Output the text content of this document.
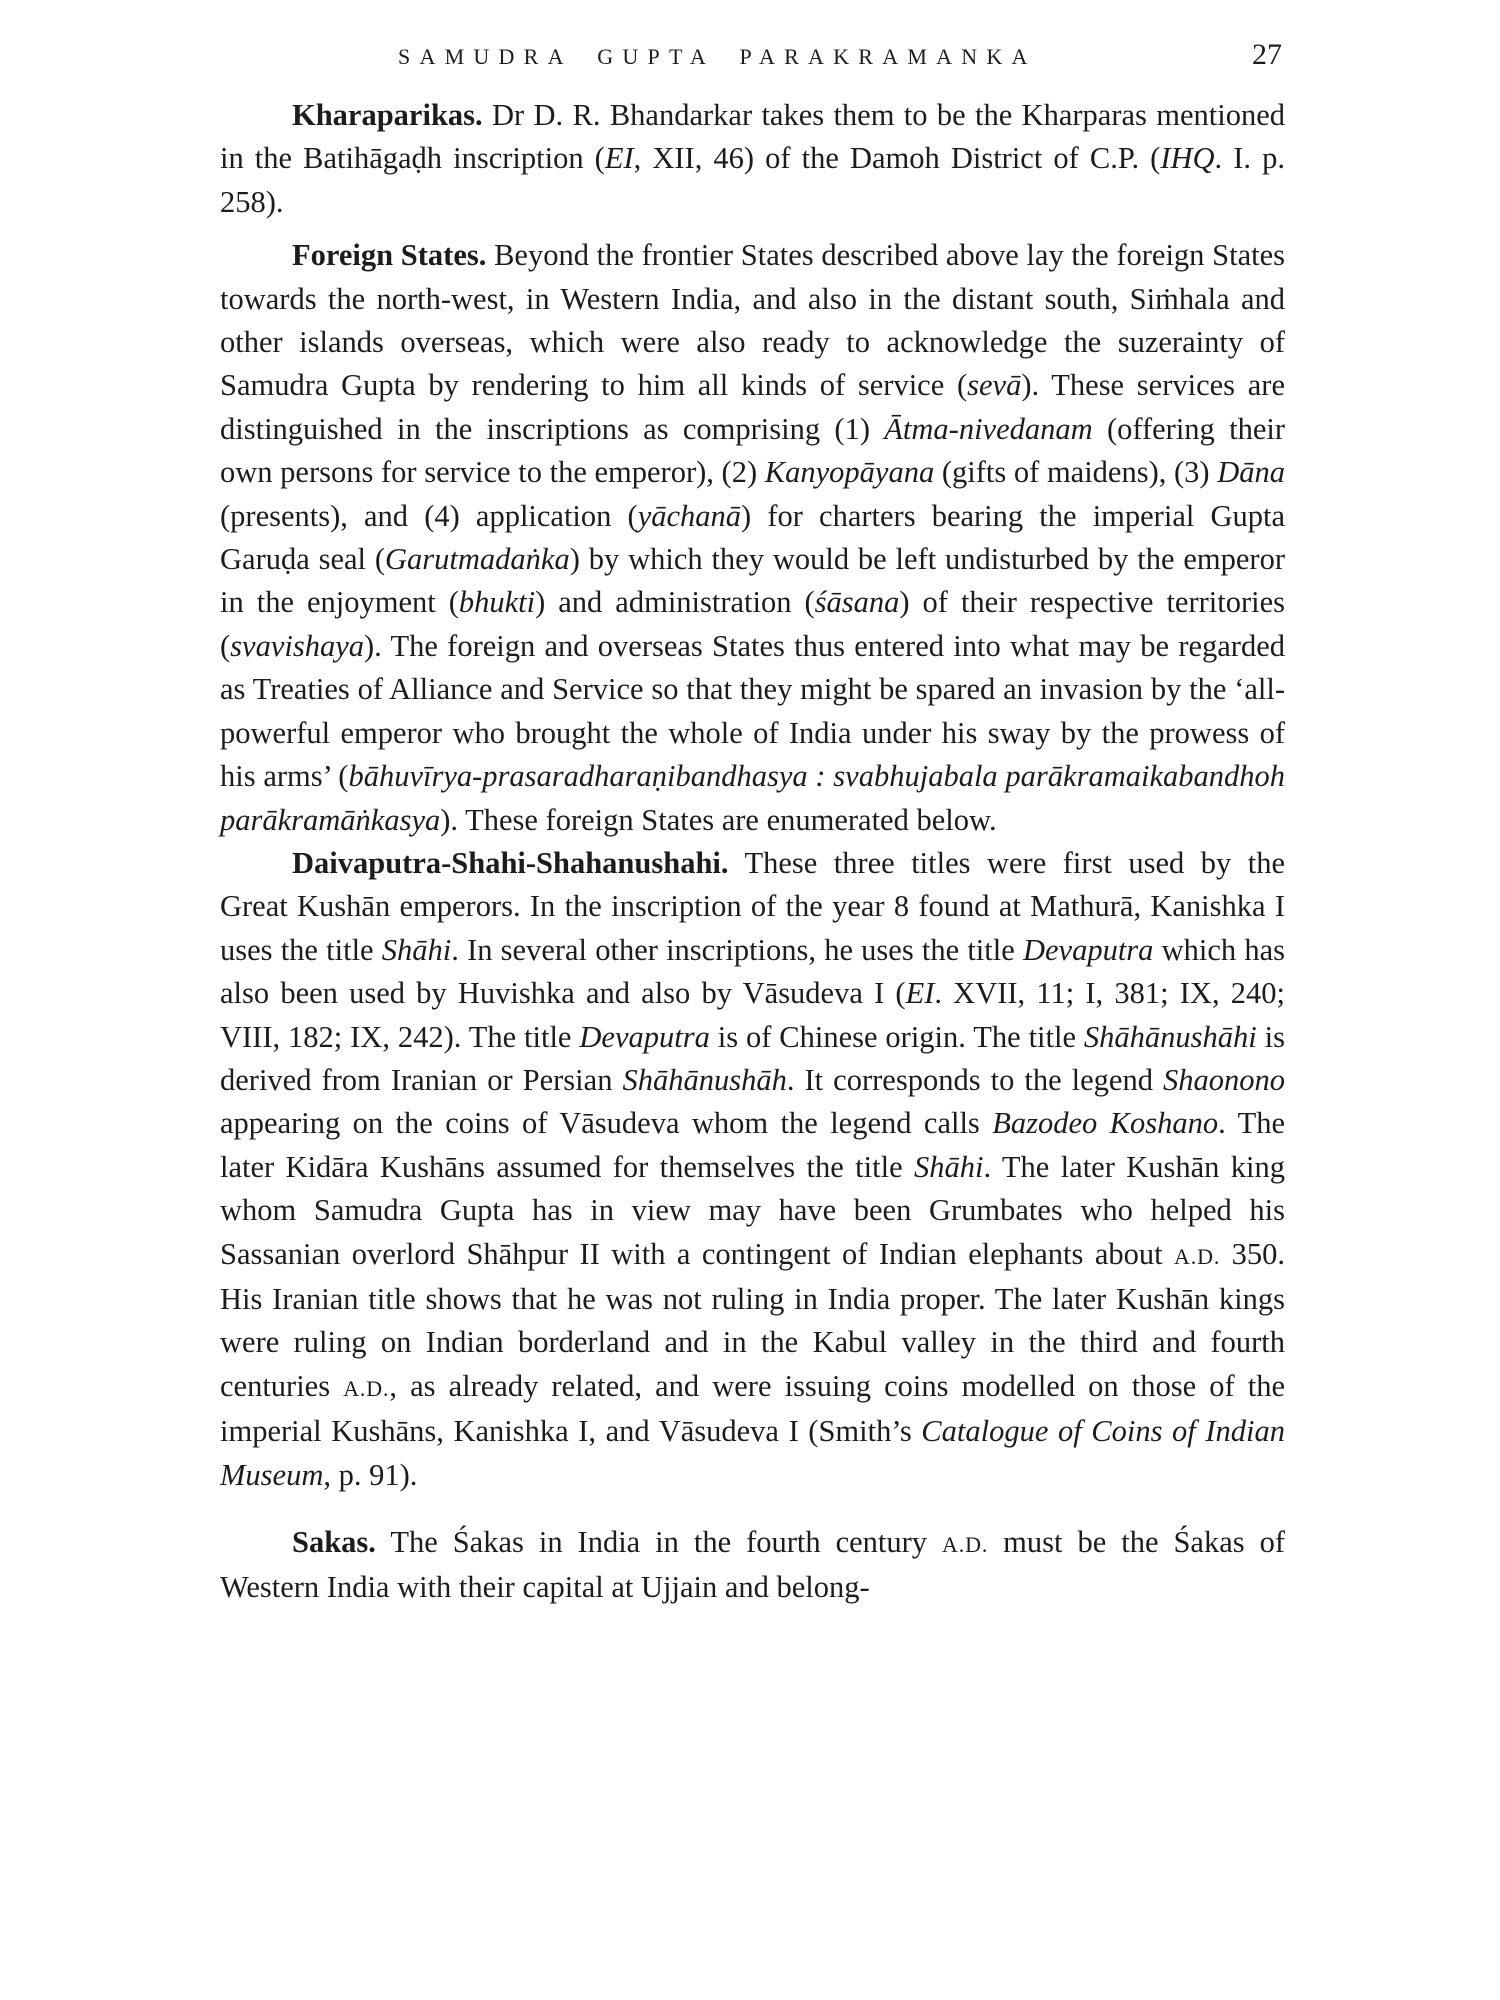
SAMUDRA GUPTA PARAKRAMANKA	27

Kharaparikas. Dr D. R. Bhandarkar takes them to be the Kharparas mentioned in the Batihāgaḍh inscription (EI, XII, 46) of the Damoh District of C.P. (IHQ. I. p. 258).

Foreign States. Beyond the frontier States described above lay the foreign States towards the north-west, in Western India, and also in the distant south, Siṁhala and other islands overseas, which were also ready to acknowledge the suzerainty of Samudra Gupta by rendering to him all kinds of service (sevā). These services are distinguished in the inscriptions as comprising (1) Ātma-nivedanam (offering their own persons for service to the emperor), (2) Kanyopāyana (gifts of maidens), (3) Dāna (presents), and (4) application (yāchanā) for charters bearing the imperial Gupta Garuḍa seal (Garutmadaṅka) by which they would be left undisturbed by the emperor in the enjoyment (bhukti) and administration (śāsana) of their respective territories (svavishaya). The foreign and overseas States thus entered into what may be regarded as Treaties of Alliance and Service so that they might be spared an invasion by the ‘all-powerful emperor who brought the whole of India under his sway by the prowess of his arms’ (bāhuvīrya-prasaradharaṇibandhasya : svabhujabala parākramaikabandhoh parākramāṅkasya). These foreign States are enumerated below.

Daivaputra-Shahi-Shahanushahi. These three titles were first used by the Great Kushān emperors. In the inscription of the year 8 found at Mathurā, Kanishka I uses the title Shāhi. In several other inscriptions, he uses the title Devaputra which has also been used by Huvishka and also by Vāsudeva I (EI. XVII, 11; I, 381; IX, 240; VIII, 182; IX, 242). The title Devaputra is of Chinese origin. The title Shāhānushāhi is derived from Iranian or Persian Shāhānushāh. It corresponds to the legend Shaonono appearing on the coins of Vāsudeva whom the legend calls Bazodeo Koshano. The later Kidāra Kushāns assumed for themselves the title Shāhi. The later Kushān king whom Samudra Gupta has in view may have been Grumbates who helped his Sassanian overlord Shāhpur II with a contingent of Indian elephants about A.D. 350. His Iranian title shows that he was not ruling in India proper. The later Kushān kings were ruling on Indian borderland and in the Kabul valley in the third and fourth centuries A.D., as already related, and were issuing coins modelled on those of the imperial Kushāns, Kanishka I, and Vāsudeva I (Smith’s Catalogue of Coins of Indian Museum, p. 91).

Sakas. The Śakas in India in the fourth century A.D. must be the Śakas of Western India with their capital at Ujjain and belong-
